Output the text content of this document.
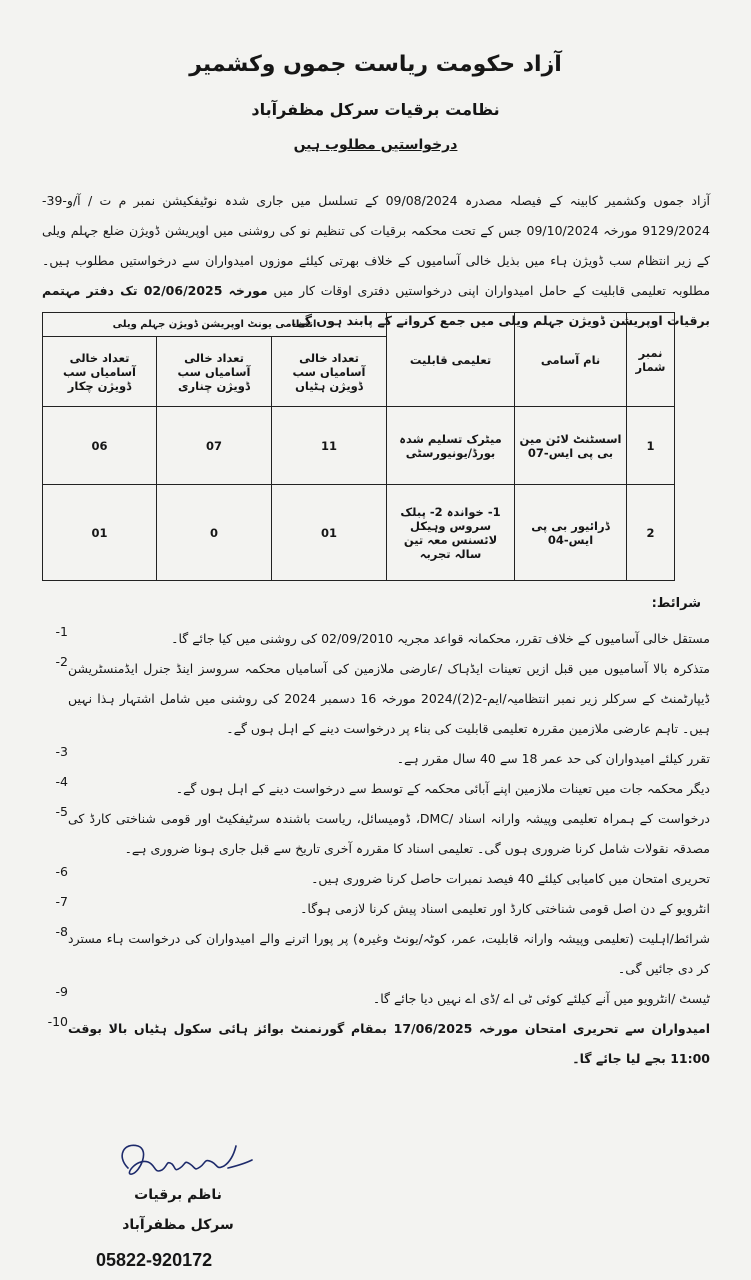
آزاد حکومت ریاست جموں وکشمیر
نظامت برقیات سرکل مظفرآباد
درخواستیں مطلوب ہیں
آزاد جموں وکشمیر کابینہ کے فیصلہ مصدرہ 09/08/2024 کے تسلسل میں جاری شدہ نوٹیفکیشن نمبر م ت / آ/و-39-9129/2024 مورخہ 09/10/2024 جس کے تحت محکمہ برقیات کی تنظیم نو کی روشنی میں اوپریشن ڈویژن ضلع جہلم ویلی کے زیر انتظام سب ڈویژن ہاء میں بذیل خالی آسامیوں کے خلاف بھرتی کیلئے موزوں امیدواران سے درخواستیں مطلوب ہیں۔ مطلوبہ تعلیمی قابلیت کے حامل امیدواران اپنی درخواستیں دفتری اوقات کار میں مورخہ 02/06/2025 تک دفتر مہتمم برقیات اوپریشن ڈویژن جہلم ویلی میں جمع کروانے کے پابند ہوں گے۔
نمبر شمار	نام آسامی	تعلیمی قابلیت	انتظامی یونٹ اوپریشن ڈویژن جہلم ویلی		
			تعداد خالی آسامیاں سب ڈویژن ہٹیاں	تعداد خالی آسامیاں سب ڈویژن چناری	تعداد خالی آسامیاں سب ڈویژن چکار
1	اسسٹنٹ لائن مین بی پی ایس-07	میٹرک تسلیم شدہ بورڈ/یونیورسٹی	11	07	06
2	ڈرائیور بی پی ایس-04	1- خواندہ 2- پبلک سروس وہیکل لائسنس معہ تین سالہ تجربہ	01	0	01
شرائط:
مستقل خالی آسامیوں کے خلاف تقرر، محکمانہ قواعد مجریہ 02/09/2010 کی روشنی میں کیا جائے گا۔
-1
متذکرہ بالا آسامیوں میں قبل ازیں تعینات ایڈہاک /عارضی ملازمین کی آسامیاں محکمہ سروسز اینڈ جنرل ایڈمنسٹریشن ڈیپارٹمنٹ کے سرکلر زیر نمبر انتظامیہ/ایم-2(2)/2024 مورخہ 16 دسمبر 2024 کی روشنی میں شامل اشتہار ہذا نہیں ہیں۔ تاہم عارضی ملازمین مقررہ تعلیمی قابلیت کی بناء پر درخواست دینے کے اہل ہوں گے۔
-2
تقرر کیلئے امیدواران کی حد عمر 18 سے 40 سال مقرر ہے۔
-3
دیگر محکمہ جات میں تعینات ملازمین اپنے آبائی محکمہ کے توسط سے درخواست دینے کے اہل ہوں گے۔
-4
درخواست کے ہمراہ تعلیمی وپیشہ وارانہ اسناد /DMC، ڈومیسائل، ریاست باشندہ سرٹیفکیٹ اور قومی شناختی کارڈ کی مصدقہ نقولات شامل کرنا ضروری ہوں گی۔ تعلیمی اسناد کا مقررہ آخری تاریخ سے قبل جاری ہونا ضروری ہے۔
-5
تحریری امتحان میں کامیابی کیلئے 40 فیصد نمبرات حاصل کرنا ضروری ہیں۔
-6
انٹرویو کے دن اصل قومی شناختی کارڈ اور تعلیمی اسناد پیش کرنا لازمی ہوگا۔
-7
شرائط/اہلیت (تعلیمی وپیشہ وارانہ قابلیت، عمر، کوٹہ/یونٹ وغیرہ) پر پورا اترنے والے امیدواران کی درخواست ہاء مسترد کر دی جائیں گی۔
-8
ٹیسٹ /انٹرویو میں آنے کیلئے کوئی ٹی اے /ڈی اے نہیں دیا جائے گا۔
-9
امیدواران سے تحریری امتحان مورخہ 17/06/2025 بمقام گورنمنٹ بوائز ہائی سکول ہٹیاں بالا بوقت 11:00 بجے لیا جائے گا۔
-10
ناظم برقیات
سرکل مظفرآباد
05822-920172
